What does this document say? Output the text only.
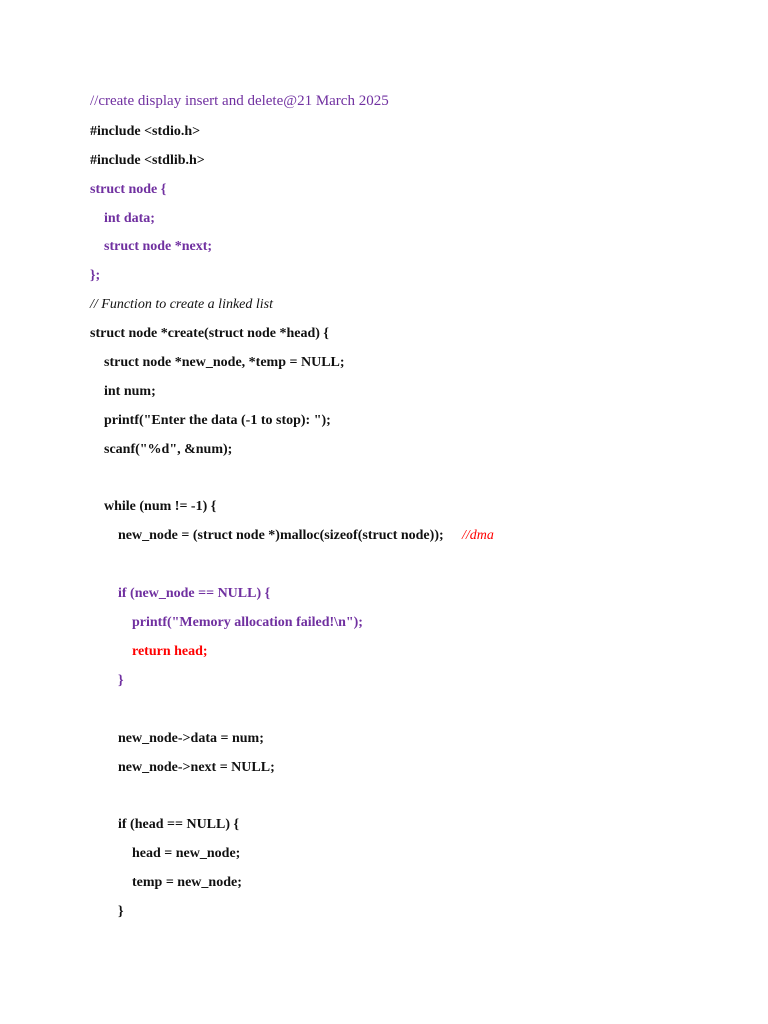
//create display insert and delete@21 March 2025
#include <stdio.h>
#include <stdlib.h>
struct node {
int data;
struct node *next;
};
// Function to create a linked list
struct node *create(struct node *head) {
struct node *new_node, *temp = NULL;
int num;
printf("Enter the data (-1 to stop): ");
scanf("%d", &num);
while (num != -1) {
new_node = (struct node *)malloc(sizeof(struct node)); //dma
if (new_node == NULL) {
printf("Memory allocation failed!\n");
return head;
}
new_node->data = num;
new_node->next = NULL;
if (head == NULL) {
head = new_node;
temp = new_node;
}
